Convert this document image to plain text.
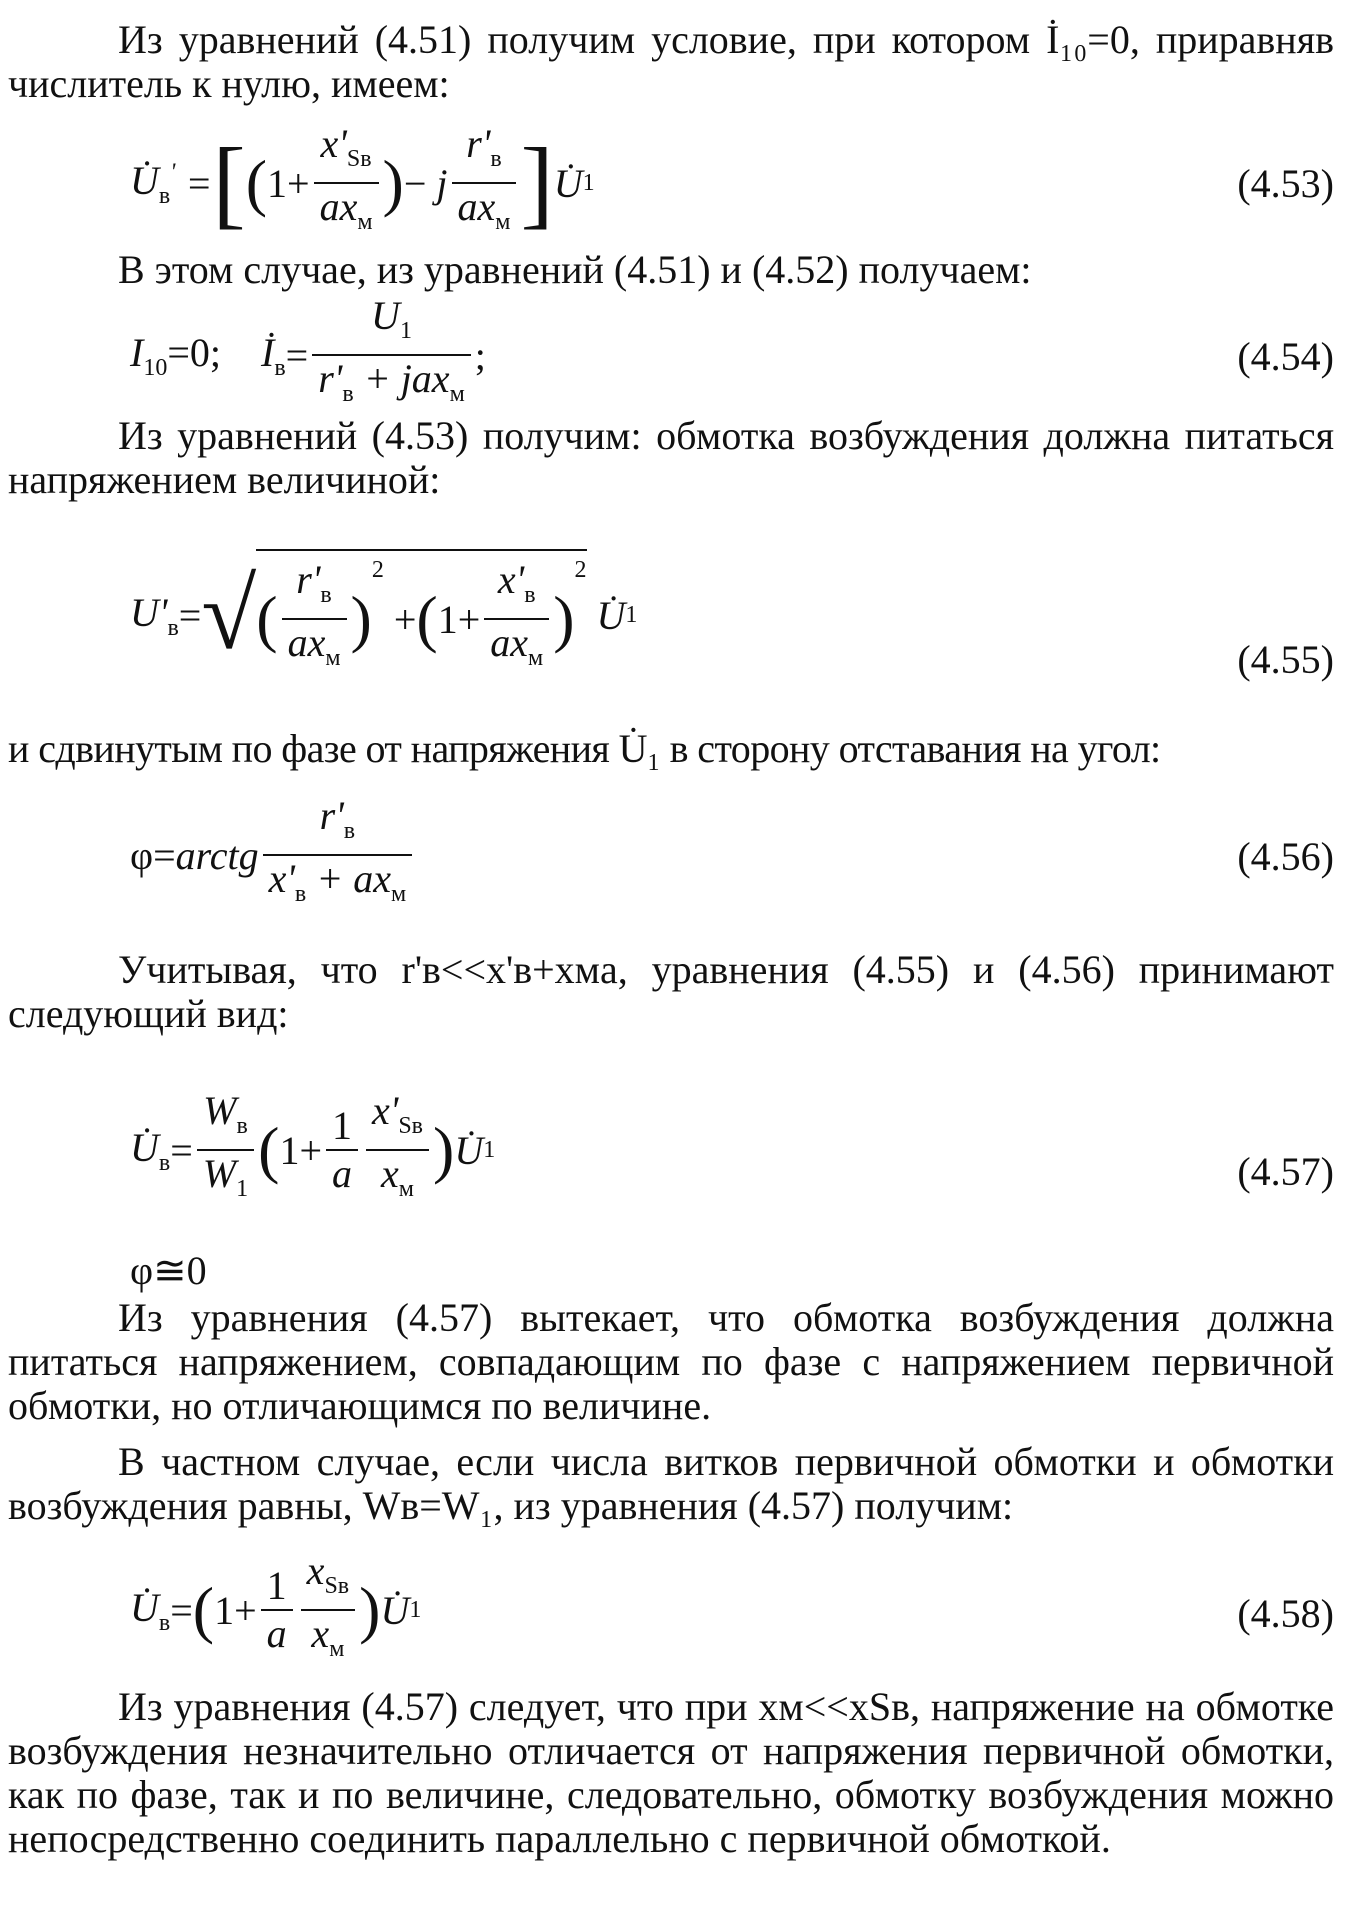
Из уравнений (4.51) получим условие, при котором İ₁₀=0, приравняв числитель к нулю, имеем:
$U̇_в'$ = [ ( 1+
$x'_{Sв}$
$ax_м$
) − j
$r'_в$
$ax_м$ ] U̇ 1	(4.53)
В этом случае, из уравнений (4.51) и (4.52) получаем:
$I_{10}=0$;
$İ_в$ =
$U_1$
$r'_в + jax_м$
;	(4.54)
Из уравнений (4.53) получим: обмотка возбуждения должна питаться напряжением величиной:
$U'_в$ = √ (
$r'_в$
$ax_м$
)
2

+ ( 1+
$x'_в$
$ax_м$
)
2
U̇ 1
(4.55)
и сдвинутым по фазе от напряжения U̇₁ в сторону отставания на угол:
φ= arctg
$r'_в$
$x'_в + ax_м$
(4.56)
Учитывая, что r'в<<x'в+xмa, уравнения (4.55) и (4.56) принимают следующий вид:
$U̇_в$ =
$W_в$
$W_1$
( $1+ \frac{1}{a} x'_{Sв}$
$x_м$
) U̇ 1	(4.57)
φ≅0
Из уравнения (4.57) вытекает, что обмотка возбуждения должна питаться напряжением, совпадающим по фазе с напряжением первичной обмотки, но отличающимся по величине.
В частном случае, если числа витков первичной обмотки и обмотки возбуждения равны, Wв=W₁, из уравнения (4.57) получим:
$U̇_в$ = ( $1+ \frac{1}{a} x_{Sв}$
$x_м$
) U̇ 1	(4.58)
Из уравнения (4.57) следует, что при xм<<xSв, напряжение на обмотке возбуждения незначительно отличается от напряжения первичной обмотки, как по фазе, так и по величине, следовательно, обмотку возбуждения можно непосредственно соединить параллельно с первичной обмоткой.
